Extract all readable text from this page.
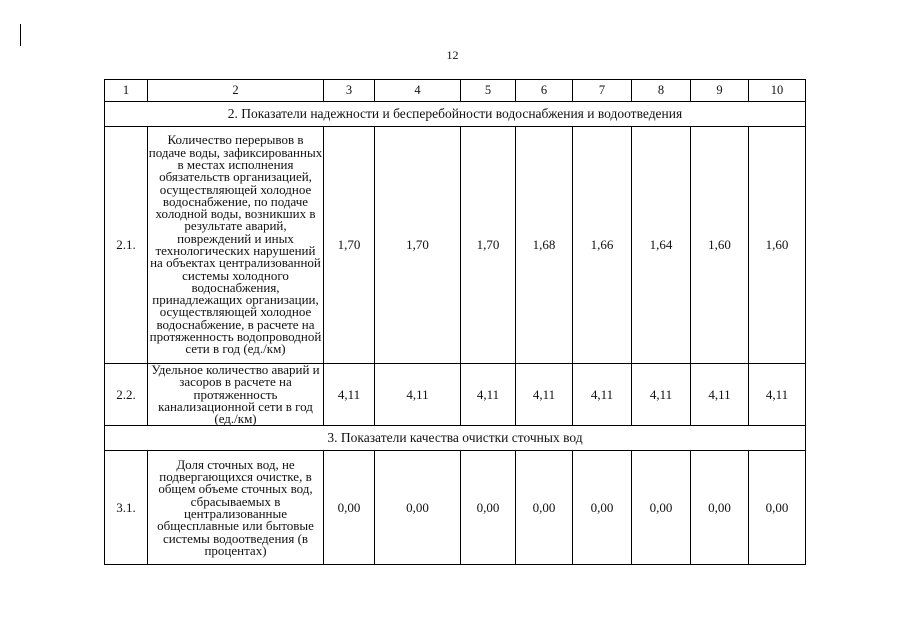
12
1	2	3	4	5	6	7	8	9	10
2. Показатели надежности и бесперебойности водоснабжения и водоотведения									
2.1.	Количество перерывов в подаче воды, зафиксированных в местах исполнения обязательств организацией, осуществляющей холодное водоснабжение, по подаче холодной воды, возникших в результате аварий, повреждений и иных технологических нарушений на объектах централизованной системы холодного водоснабжения, принадлежащих организации, осуществляющей холодное водоснабжение, в расчете на протяженность водопроводной сети в год (ед./км)	1,70	1,70	1,70	1,68	1,66	1,64	1,60	1,60
2.2.	Удельное количество аварий и засоров в расчете на протяженность канализационной сети в год (ед./км)	4,11	4,11	4,11	4,11	4,11	4,11	4,11	4,11
3. Показатели качества очистки сточных вод									
3.1.	Доля сточных вод, не подвергающихся очистке, в общем объеме сточных вод, сбрасываемых в централизованные общесплавные или бытовые системы водоотведения (в процентах)	0,00	0,00	0,00	0,00	0,00	0,00	0,00	0,00
